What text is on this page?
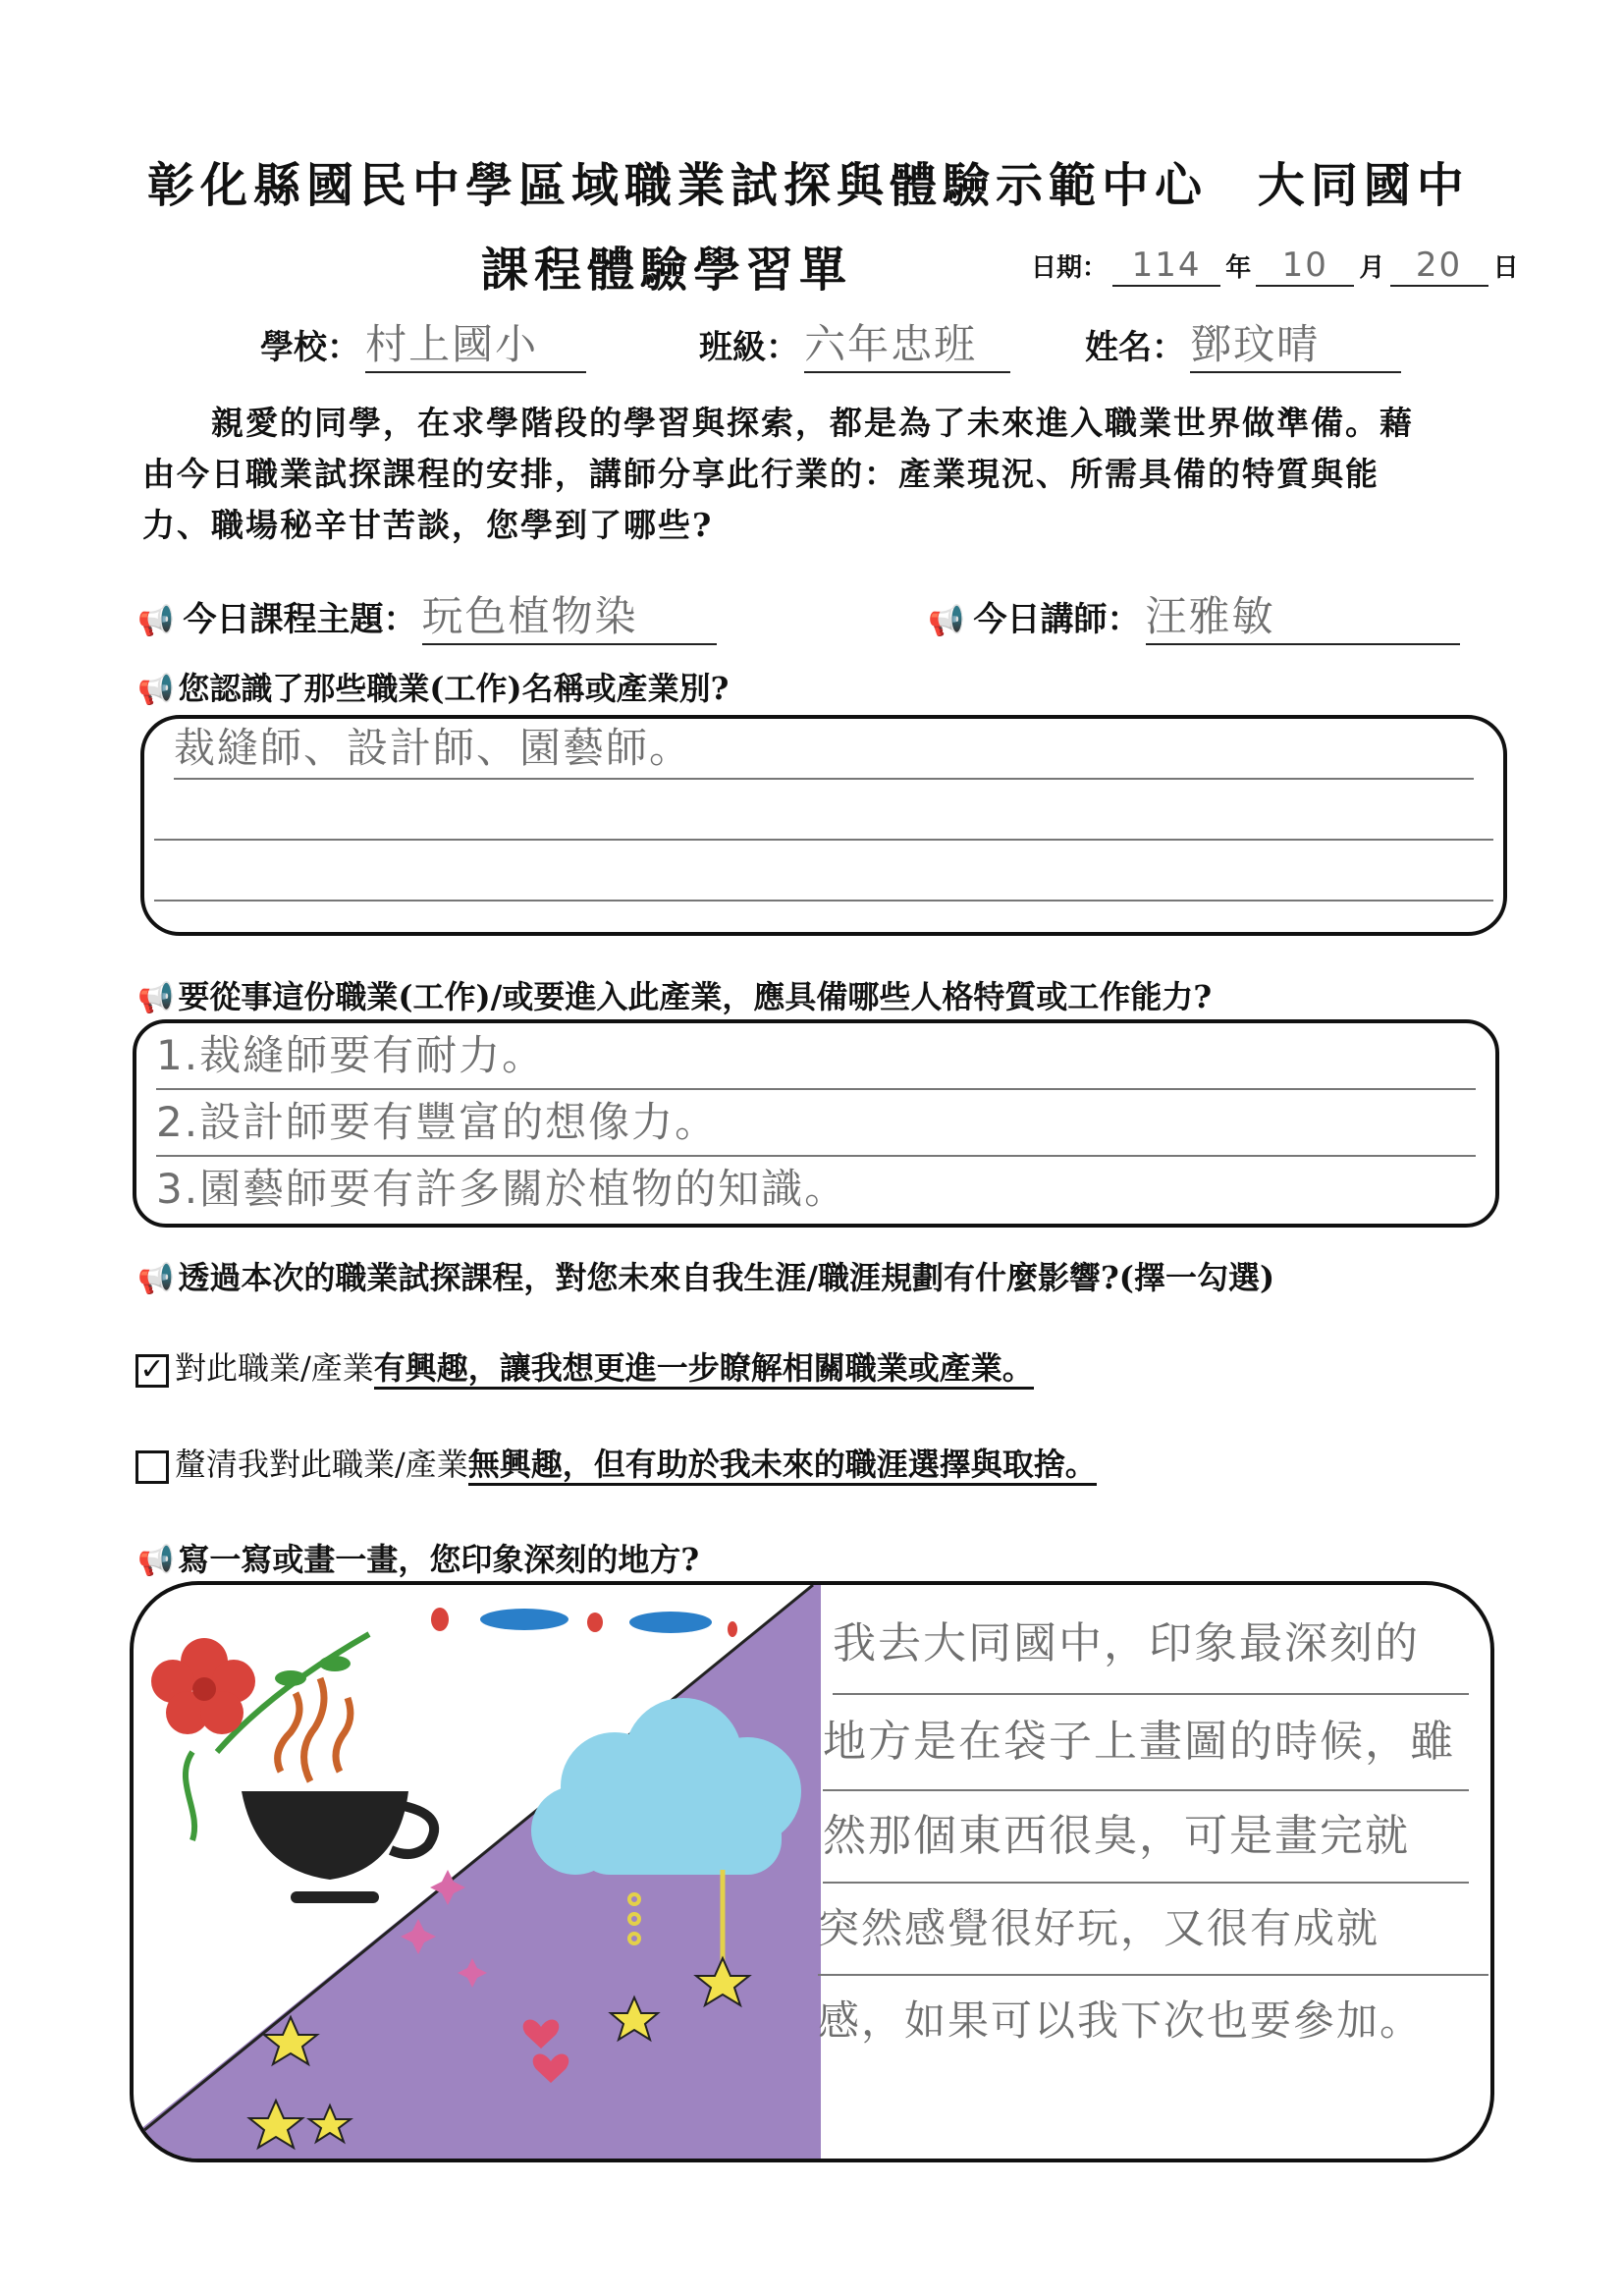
彰化縣國民中學區域職業試探與體驗示範中心 大同國中
課程體驗學習單	日期： 114 年 10 月 20 日
學校： 村上國小	班級： 六年忠班	姓名： 鄧玟晴
親愛的同學，在求學階段的學習與探索，都是為了未來進入職業世界做準備。藉
由今日職業試探課程的安排，講師分享此行業的：產業現況、所需具備的特質與能
力、職場秘辛甘苦談，您學到了哪些?
📢 今日課程主題： 玩色植物染	📢 今日講師： 汪雅敏
📢 您認識了那些職業(工作)名稱或產業別?
裁縫師、設計師、園藝師。
📢 要從事這份職業(工作)/或要進入此產業，應具備哪些人格特質或工作能力?
1.裁縫師要有耐力。
2.設計師要有豐富的想像力。
3.園藝師要有許多關於植物的知識。
📢 透過本次的職業試探課程，對您未來自我生涯/職涯規劃有什麼影響?(擇一勾選)
✓ 對此職業/產業有興趣，讓我想更進一步瞭解相關職業或產業。
釐清我對此職業/產業無興趣，但有助於我未來的職涯選擇與取捨。
📢 寫一寫或畫一畫，您印象深刻的地方?
我去大同國中，印象最深刻的
地方是在袋子上畫圖的時候，雖
然那個東西很臭，可是畫完就
突然感覺很好玩，又很有成就
感，如果可以我下次也要參加。
